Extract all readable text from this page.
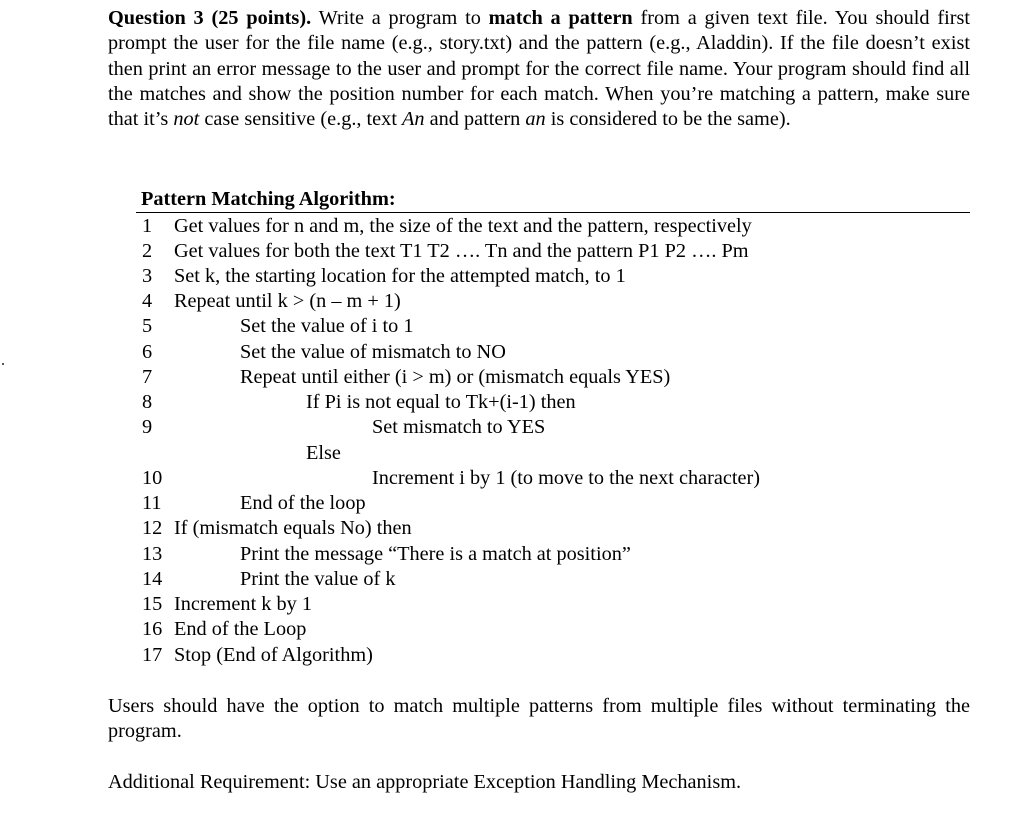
Question 3 (25 points). Write a program to match a pattern from a given text file. You should first prompt the user for the file name (e.g., story.txt) and the pattern (e.g., Aladdin). If the file doesn’t exist then print an error message to the user and prompt for the correct file name. Your program should find all the matches and show the position number for each match. When you’re matching a pattern, make sure that it’s not case sensitive (e.g., text An and pattern an is considered to be the same).
Pattern Matching Algorithm:
1 Get values for n and m, the size of the text and the pattern, respectively
2 Get values for both the text T1 T2 …. Tn and the pattern P1 P2 …. Pm
3 Set k, the starting location for the attempted match, to 1
4 Repeat until k > (n – m + 1)
5	Set the value of i to 1
6	Set the value of mismatch to NO
7	Repeat until either (i > m) or (mismatch equals YES)
8	If Pi is not equal to Tk+(i-1) then
9	Set mismatch to YES
Else
10	Increment i by 1 (to move to the next character)
11	End of the loop
12 If (mismatch equals No) then
13	Print the message “There is a match at position”
14	Print the value of k
15 Increment k by 1
16 End of the Loop
17 Stop (End of Algorithm)
Users should have the option to match multiple patterns from multiple files without terminating the program.
Additional Requirement: Use an appropriate Exception Handling Mechanism.
